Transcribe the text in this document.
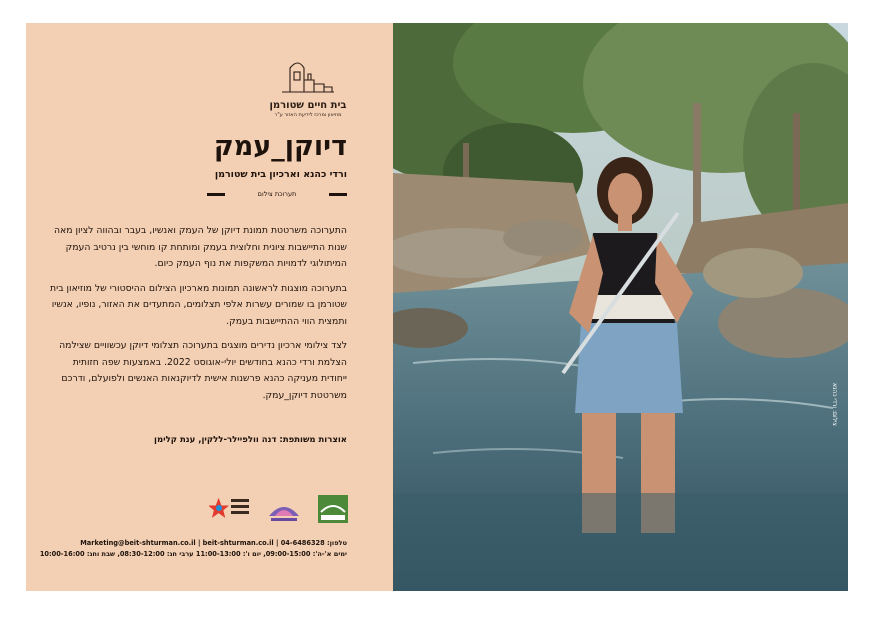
בית חיים שטורמן
מוזיאון ומרכז לידיעת האזור ע"ר
דיוקן_עמק
ורדי כהנא וארכיון בית שטורמן
תערוכת צילום

התערוכה משרטטת תמונת דיוקן של העמק ואנשיו, בעבר ובהווה לציון מאה שנות התיישבות ציונית וחלוצית בעמק ומותחת קו מוחשי בין נרטיב העמק המיתולוגי לדמויות המשקפות את נוף העמק כיום.

בתערוכה מוצגות לראשונה תמונות מארכיון הצילום ההיסטורי של מוזיאון בית שטורמן בו שמורים עשרות אלפי תצלומים, המתעדים את האזור, נופיו, אנשיו ותמצית הווי ההתיישבות בעמק.

לצד צילומי ארכיון נדירים מוצגים בתערוכה תצלומי דיוקן עכשוויים שצילמה הצלמת ורדי כהנא בחודשים יולי-אוגוסט 2022. באמצעות שפה חזותית ייחודית מעניקה כהנא פרשנות אישית לדיוקנאות האנשים ולפועלם, ודרכם משרטטת דיוקן_עמק.

אוצרות משותפת: דנה וולפיילר-ללקין, ענת קלימן
טלפון: 04-6486328 | Marketing@beit-shturman.co.il | beit-shturman.co.il
ימים א'-ה': 09:00-15:00, יום ו': 11:00-13:00 ערבי חג: 08:30-12:00, שבת וחג: 10:00-16:00
צילום: ורדי כהנא
